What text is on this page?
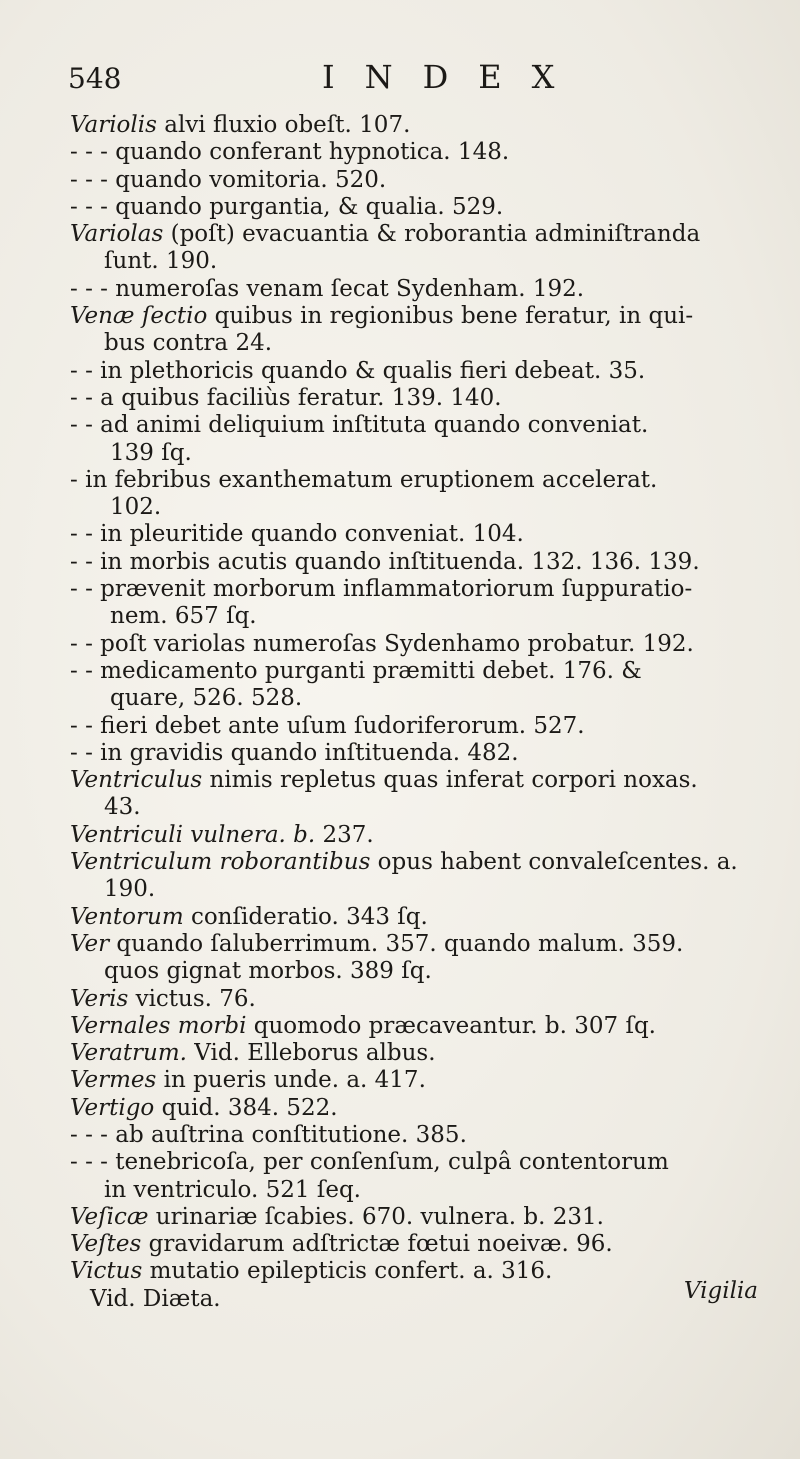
548	INDEX
Variolis alvi fluxio obeſt. 107.
- - - quando conferant hypnotica. 148.
- - - quando vomitoria. 520.
- - - quando purgantia, & qualia. 529.
Variolas (poſt) evacuantia & roborantia adminiſtranda
ſunt. 190.
- - - numeroſas venam ſecat Sydenham. 192.
Venæ ſectio quibus in regionibus bene feratur, in qui-
bus contra 24.
- - in plethoricis quando & qualis fieri debeat. 35.
- - a quibus faciliùs feratur. 139. 140.
- - ad animi deliquium inſtituta quando conveniat.
139 ſq.
- in febribus exanthematum eruptionem accelerat.
102.
- - in pleuritide quando conveniat. 104.
- - in morbis acutis quando inſtituenda. 132. 136. 139.
- - prævenit morborum inflammatoriorum ſuppuratio-
nem. 657 ſq.
- - poſt variolas numeroſas Sydenhamo probatur. 192.
- - medicamento purganti præmitti debet. 176. &
quare, 526. 528.
- - fieri debet ante uſum ſudoriferorum. 527.
- - in gravidis quando inſtituenda. 482.
Ventriculus nimis repletus quas inferat corpori noxas.
43.
Ventriculi vulnera. b. 237.
Ventriculum roborantibus opus habent convaleſcentes. a.
190.
Ventorum conſideratio. 343 ſq.
Ver quando ſaluberrimum. 357. quando malum. 359.
quos gignat morbos. 389 ſq.
Veris victus. 76.
Vernales morbi quomodo præcaveantur. b. 307 ſq.
Veratrum. Vid. Elleborus albus.
Vermes in pueris unde. a. 417.
Vertigo quid. 384. 522.
- - - ab auſtrina conſtitutione. 385.
- - - tenebricoſa, per conſenſum, culpâ contentorum
in ventriculo. 521 ſeq.
Veſicæ urinariæ ſcabies. 670. vulnera. b. 231.
Veſtes gravidarum adſtrictæ fœtui noeivæ. 96.
Victus mutatio epilepticis confert. a. 316.
Vid. Diæta.	Vigilia
